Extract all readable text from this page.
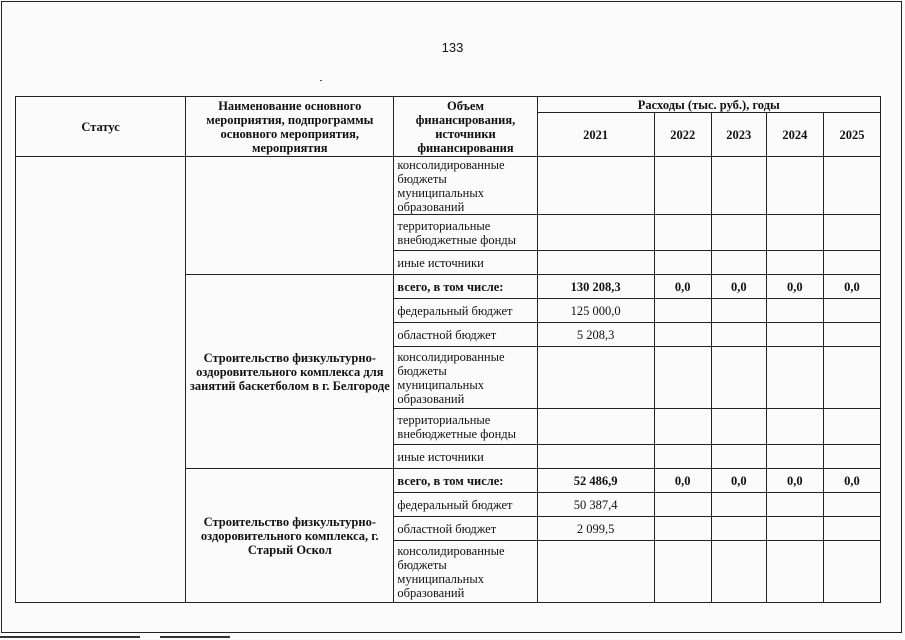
133
Статус	Наименование основного мероприятия, подпрограммы основного мероприятия, мероприятия	Объем финансирования, источники финансирования	Расходы (тыс. руб.), годы				
			2021	2022	2023	2024	2025
		консолидированные бюджеты муниципальных образований					
		территориальные внебюджетные фонды					
		иные источники					
	Строительство физкультурно-оздоровительного комплекса для занятий баскетболом в г. Белгороде	всего, в том числе:	130 208,3	0,0	0,0	0,0	0,0
		федеральный бюджет	125 000,0				
		областной бюджет	5 208,3				
		консолидированные бюджеты муниципальных образований					
		территориальные внебюджетные фонды					
		иные источники					
	Строительство физкультурно-оздоровительного комплекса, г. Старый Оскол	всего, в том числе:	52 486,9	0,0	0,0	0,0	0,0
		федеральный бюджет	50 387,4				
		областной бюджет	2 099,5				
		консолидированные бюджеты муниципальных образований					
